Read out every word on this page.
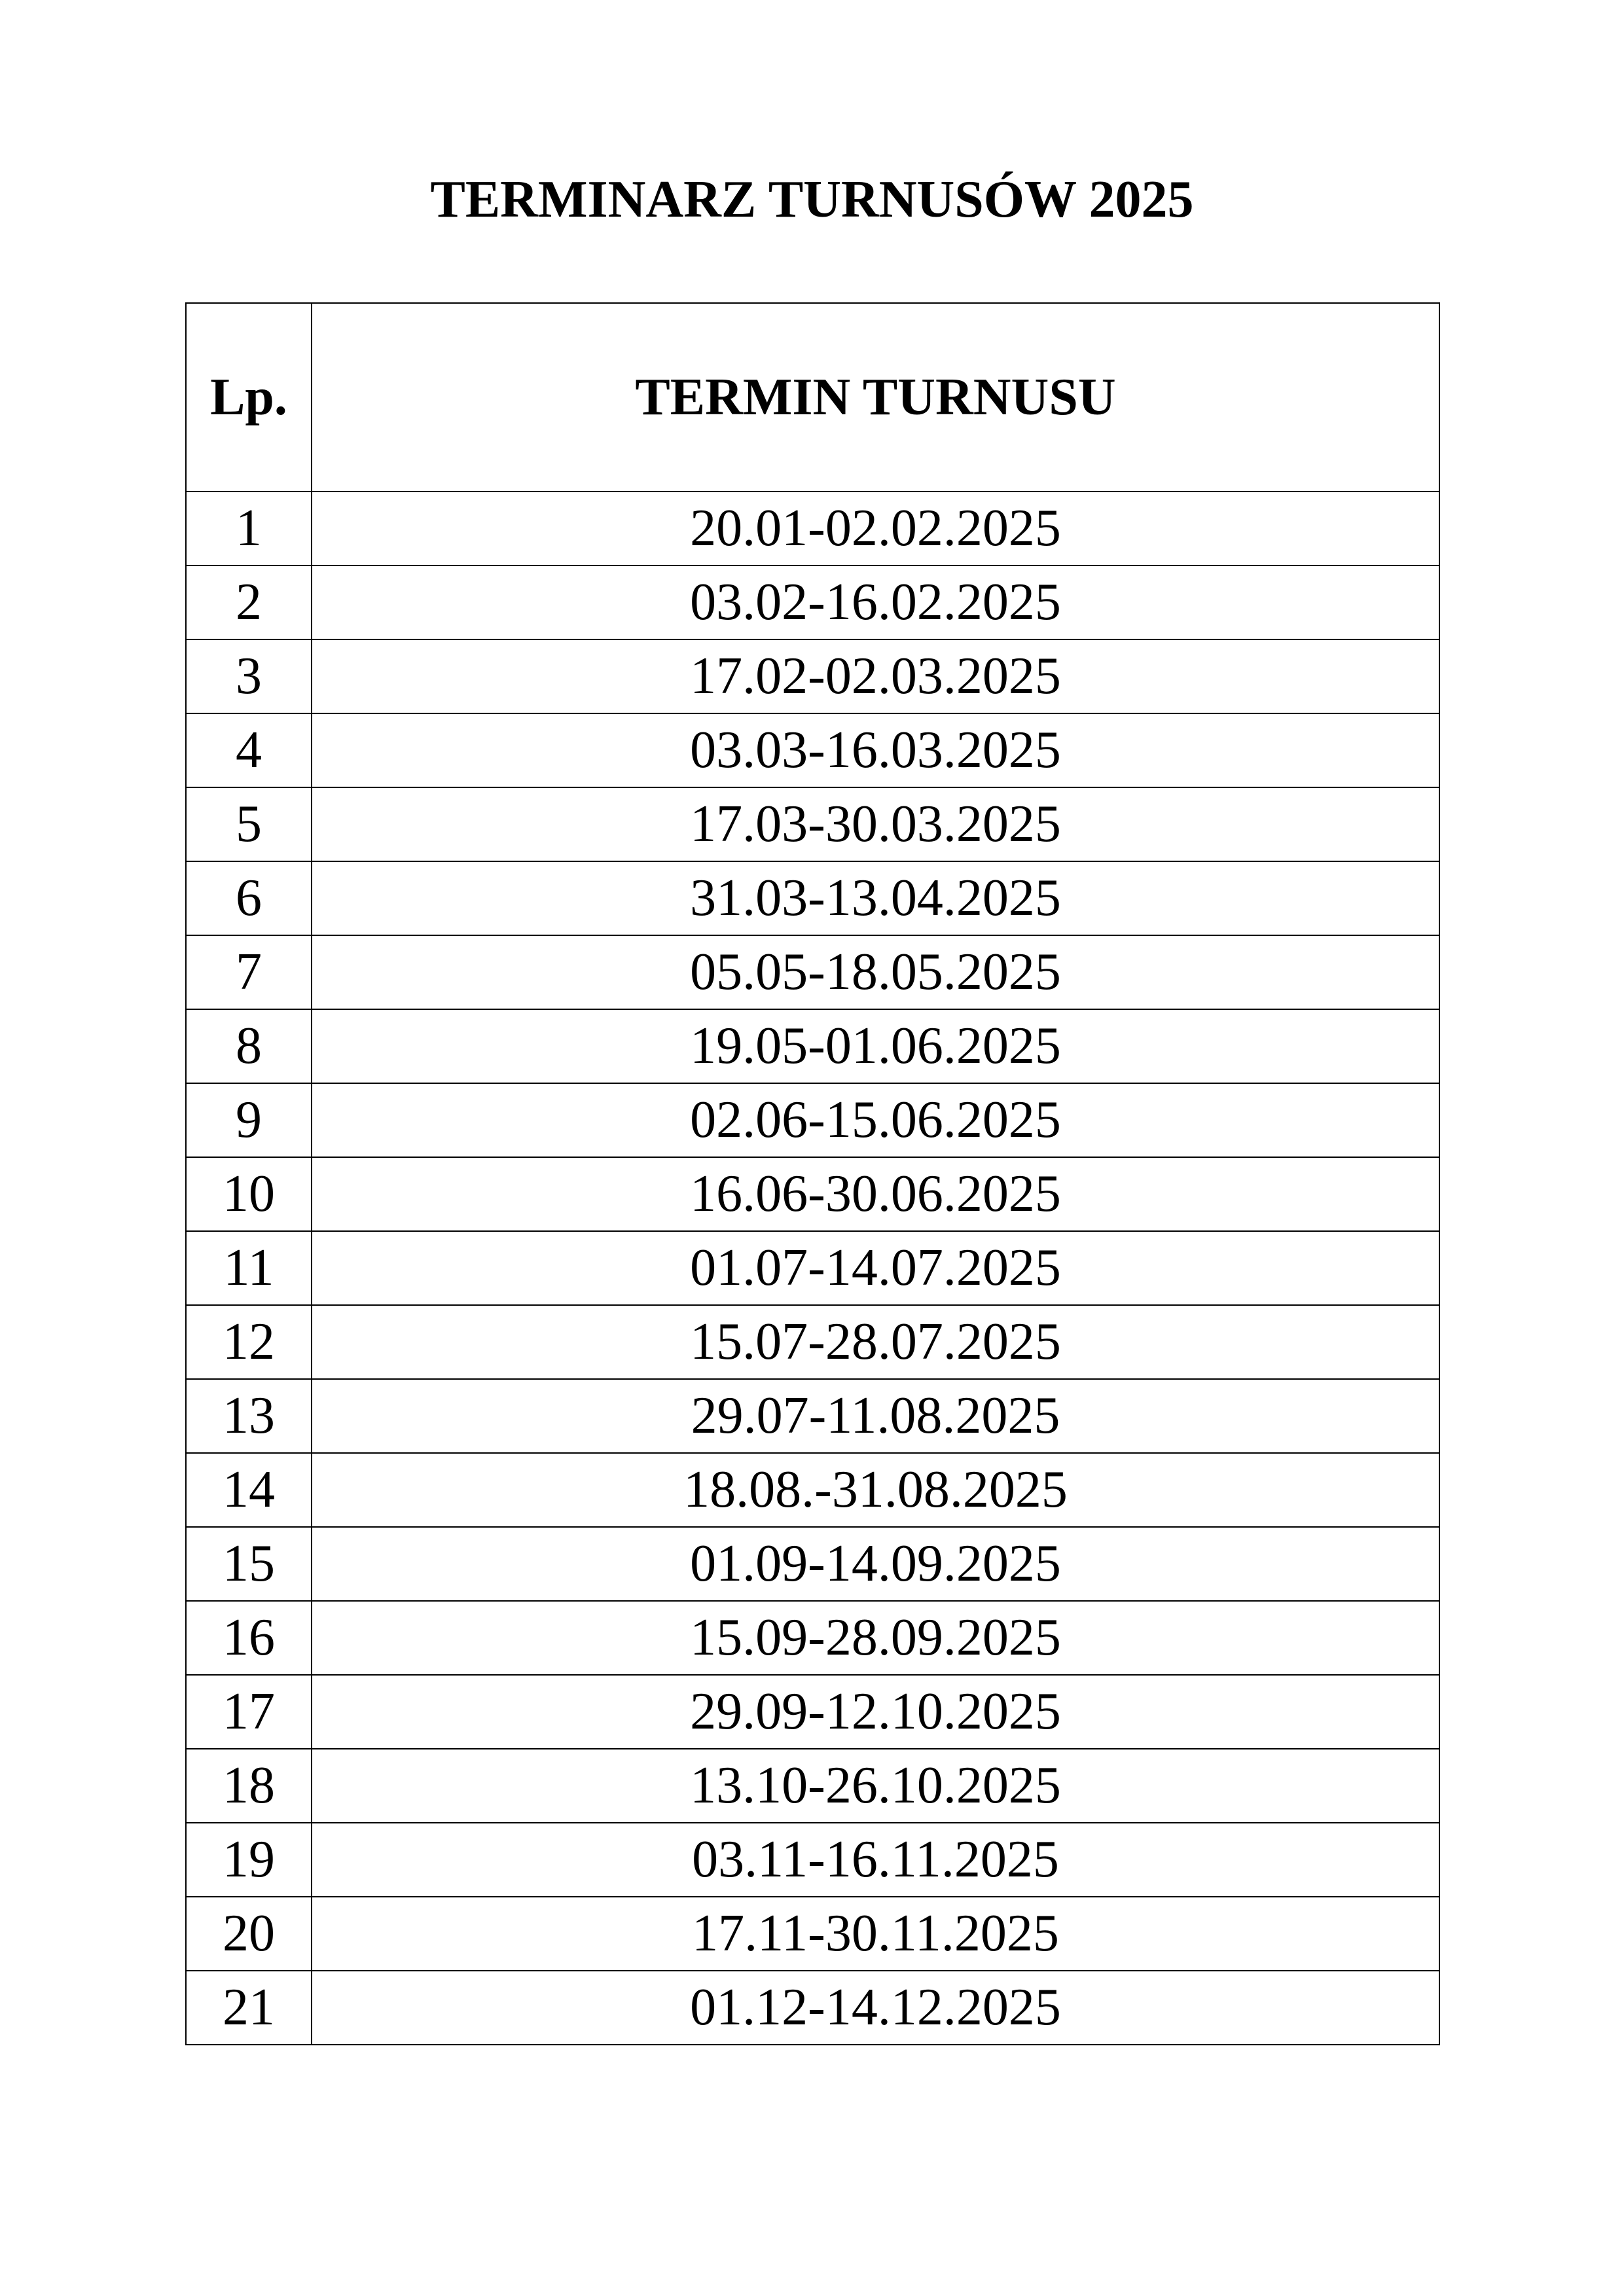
TERMINARZ TURNUSÓW 2025
Lp.	TERMIN TURNUSU
1	20.01-02.02.2025
2	03.02-16.02.2025
3	17.02-02.03.2025
4	03.03-16.03.2025
5	17.03-30.03.2025
6	31.03-13.04.2025
7	05.05-18.05.2025
8	19.05-01.06.2025
9	02.06-15.06.2025
10	16.06-30.06.2025
11	01.07-14.07.2025
12	15.07-28.07.2025
13	29.07-11.08.2025
14	18.08.-31.08.2025
15	01.09-14.09.2025
16	15.09-28.09.2025
17	29.09-12.10.2025
18	13.10-26.10.2025
19	03.11-16.11.2025
20	17.11-30.11.2025
21	01.12-14.12.2025
